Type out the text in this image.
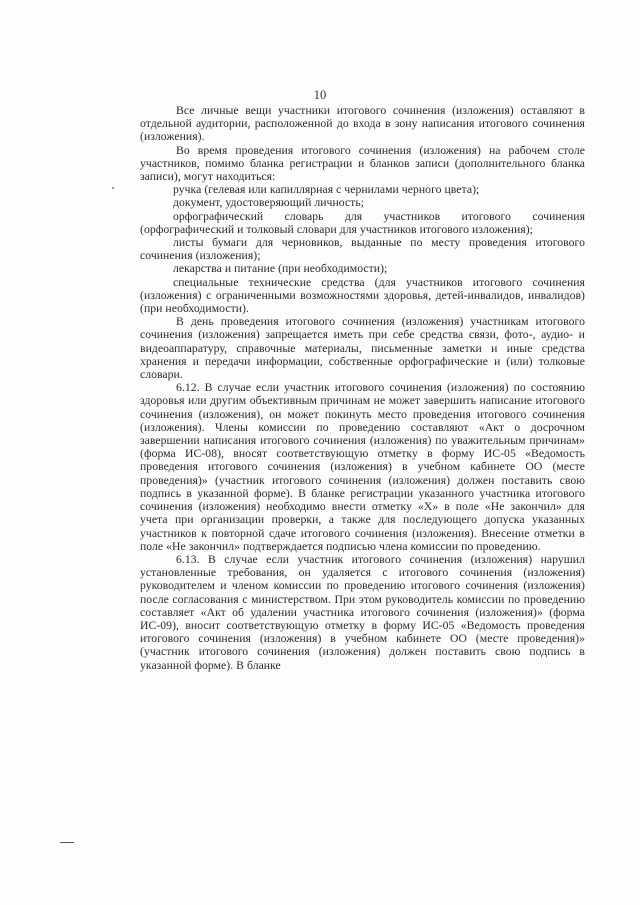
10

Все личные вещи участники итогового сочинения (изложения) оставляют в отдельной аудитории, расположенной до входа в зону написания итогового сочинения (изложения).

Во время проведения итогового сочинения (изложения) на рабочем столе участников, помимо бланка регистрации и бланков записи (дополнительного бланка записи), могут находиться:

ручка (гелевая или капиллярная с чернилами черного цвета);

документ, удостоверяющий личность;

орфографический словарь для участников итогового сочинения (орфографический и толковый словари для участников итогового изложения);

листы бумаги для черновиков, выданные по месту проведения итогового сочинения (изложения);

лекарства и питание (при необходимости);

специальные технические средства (для участников итогового сочинения (изложения) с ограниченными возможностями здоровья, детей-инвалидов, инвалидов) (при необходимости).

В день проведения итогового сочинения (изложения) участникам итогового сочинения (изложения) запрещается иметь при себе средства связи, фото-, аудио- и видеоаппаратуру, справочные материалы, письменные заметки и иные средства хранения и передачи информации, собственные орфографические и (или) толковые словари.

6.12. В случае если участник итогового сочинения (изложения) по состоянию здоровья или другим объективным причинам не может завершить написание итогового сочинения (изложения), он может покинуть место проведения итогового сочинения (изложения). Члены комиссии по проведению составляют «Акт о досрочном завершении написания итогового сочинения (изложения) по уважительным причинам» (форма ИС-08), вносят соответствующую отметку в форму ИС-05 «Ведомость проведения итогового сочинения (изложения) в учебном кабинете ОО (месте проведения)» (участник итогового сочинения (изложения) должен поставить свою подпись в указанной форме). В бланке регистрации указанного участника итогового сочинения (изложения) необходимо внести отметку «Х» в поле «Не закончил» для учета при организации проверки, а также для последующего допуска указанных участников к повторной сдаче итогового сочинения (изложения). Внесение отметки в поле «Не закончил» подтверждается подписью члена комиссии по проведению.

6.13. В случае если участник итогового сочинения (изложения) нарушил установленные требования, он удаляется с итогового сочинения (изложения) руководителем и членом комиссии по проведению итогового сочинения (изложения) после согласования с министерством. При этом руководитель комиссии по проведению составляет «Акт об удалении участника итогового сочинения (изложения)» (форма ИС-09), вносит соответствующую отметку в форму ИС-05 «Ведомость проведения итогового сочинения (изложения) в учебном кабинете ОО (месте проведения)» (участник итогового сочинения (изложения) должен поставить свою подпись в указанной форме). В бланке
